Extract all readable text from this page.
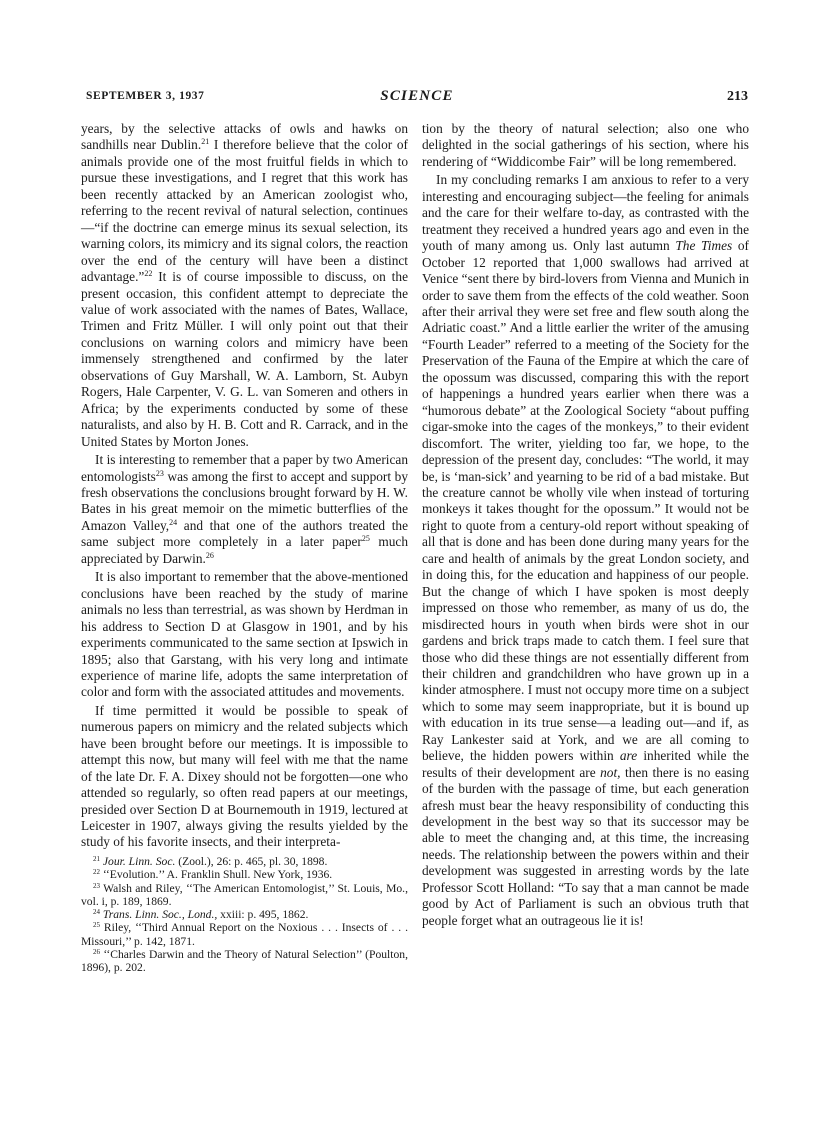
SEPTEMBER 3, 1937	SCIENCE	213

years, by the selective attacks of owls and hawks on sandhills near Dublin.$^{21}$ I therefore believe that the color of animals provide one of the most fruitful fields in which to pursue these investigations, and I regret that this work has been recently attacked by an American zoologist who, referring to the recent revival of natural selection, continues—“if the doctrine can emerge minus its sexual selection, its warning colors, its mimicry and its signal colors, the reaction over the end of the century will have been a distinct advantage.”$^{22}$ It is of course impossible to discuss, on the present occasion, this confident attempt to depreciate the value of work associated with the names of Bates, Wallace, Trimen and Fritz Müller. I will only point out that their conclusions on warning colors and mimicry have been immensely strengthened and confirmed by the later observations of Guy Marshall, W. A. Lamborn, St. Aubyn Rogers, Hale Carpenter, V. G. L. van Someren and others in Africa; by the experiments conducted by some of these naturalists, and also by H. B. Cott and R. Carrack, and in the United States by Morton Jones.

It is interesting to remember that a paper by two American entomologists$^{23}$ was among the first to accept and support by fresh observations the conclusions brought forward by H. W. Bates in his great memoir on the mimetic butterflies of the Amazon Valley,$^{24}$ and that one of the authors treated the same subject more completely in a later paper$^{25}$ much appreciated by Darwin.$^{26}$

It is also important to remember that the above-mentioned conclusions have been reached by the study of marine animals no less than terrestrial, as was shown by Herdman in his address to Section D at Glasgow in 1901, and by his experiments communicated to the same section at Ipswich in 1895; also that Garstang, with his very long and intimate experience of marine life, adopts the same interpretation of color and form with the associated attitudes and movements.

If time permitted it would be possible to speak of numerous papers on mimicry and the related subjects which have been brought before our meetings. It is impossible to attempt this now, but many will feel with me that the name of the late Dr. F. A. Dixey should not be forgotten—one who attended so regularly, so often read papers at our meetings, presided over Section D at Bournemouth in 1919, lectured at Leicester in 1907, always giving the results yielded by the study of his favorite insects, and their interpreta-

$^{21}$ Jour. Linn. Soc. (Zool.), 26: p. 465, pl. 30, 1898.

$^{22}$ ‘‘Evolution.’’ A. Franklin Shull. New York, 1936.

$^{23}$ Walsh and Riley, ‘‘The American Entomologist,’’ St. Louis, Mo., vol. i, p. 189, 1869.

$^{24}$ Trans. Linn. Soc., Lond., xxiii: p. 495, 1862.

$^{25}$ Riley, ‘‘Third Annual Report on the Noxious . . . Insects of . . . Missouri,’’ p. 142, 1871.

$^{26}$ ‘‘Charles Darwin and the Theory of Natural Selection’’ (Poulton, 1896), p. 202.

tion by the theory of natural selection; also one who delighted in the social gatherings of his section, where his rendering of “Widdicombe Fair” will be long remembered.

In my concluding remarks I am anxious to refer to a very interesting and encouraging subject—the feeling for animals and the care for their welfare to-day, as contrasted with the treatment they received a hundred years ago and even in the youth of many among us. Only last autumn The Times of October 12 reported that 1,000 swallows had arrived at Venice “sent there by bird-lovers from Vienna and Munich in order to save them from the effects of the cold weather. Soon after their arrival they were set free and flew south along the Adriatic coast.” And a little earlier the writer of the amusing “Fourth Leader” referred to a meeting of the Society for the Preservation of the Fauna of the Empire at which the care of the opossum was discussed, comparing this with the report of happenings a hundred years earlier when there was a “humorous debate” at the Zoological Society “about puffing cigar-smoke into the cages of the monkeys,” to their evident discomfort. The writer, yielding too far, we hope, to the depression of the present day, concludes: “The world, it may be, is ‘man-sick’ and yearning to be rid of a bad mistake. But the creature cannot be wholly vile when instead of torturing monkeys it takes thought for the opossum.” It would not be right to quote from a century-old report without speaking of all that is done and has been done during many years for the care and health of animals by the great London society, and in doing this, for the education and happiness of our people. But the change of which I have spoken is most deeply impressed on those who remember, as many of us do, the misdirected hours in youth when birds were shot in our gardens and brick traps made to catch them. I feel sure that those who did these things are not essentially different from their children and grandchildren who have grown up in a kinder atmosphere. I must not occupy more time on a subject which to some may seem inappropriate, but it is bound up with education in its true sense—a leading out—and if, as Ray Lankester said at York, and we are all coming to believe, the hidden powers within are inherited while the results of their development are not, then there is no easing of the burden with the passage of time, but each generation afresh must bear the heavy responsibility of conducting this development in the best way so that its successor may be able to meet the changing and, at this time, the increasing needs. The relationship between the powers within and their development was suggested in arresting words by the late Professor Scott Holland: “To say that a man cannot be made good by Act of Parliament is such an obvious truth that people forget what an outrageous lie it is!
